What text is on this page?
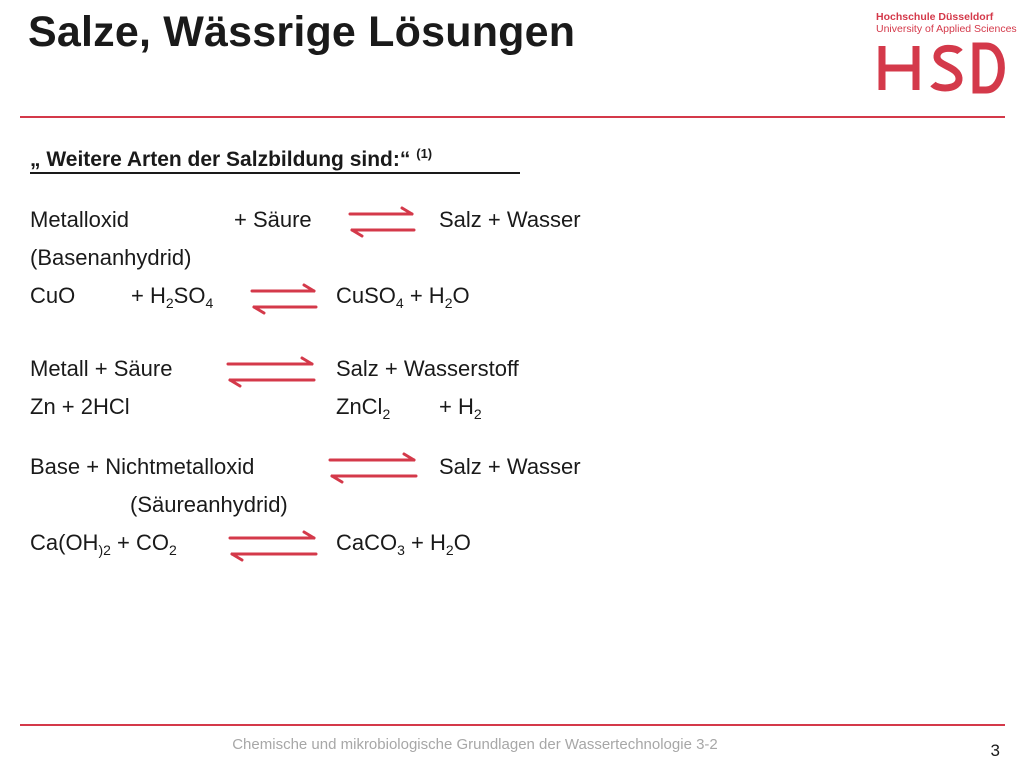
Salze, Wässrige Lösungen	Hochschule Düsseldorf
University of Applied Sciences
„ Weitere Arten der Salzbildung sind:“ $^{(1)}$
Metalloxid	+ Säure	Salz + Wasser
(Basenanhydrid)
CuO	+ $H_2SO_4$	CuSO$_4$ + $H_2O$
Metall + Säure	Salz + Wasserstoff
Zn + 2HCl	ZnCl$_2$ + $H_2$
Base + Nichtmetalloxid	Salz + Wasser
(Säureanhydrid)
$Ca(OH_{)2} + CO_2$	CaCO$_3$ + $H_2O$
Chemische und mikrobiologische Grundlagen der Wassertechnologie 3-2	3
